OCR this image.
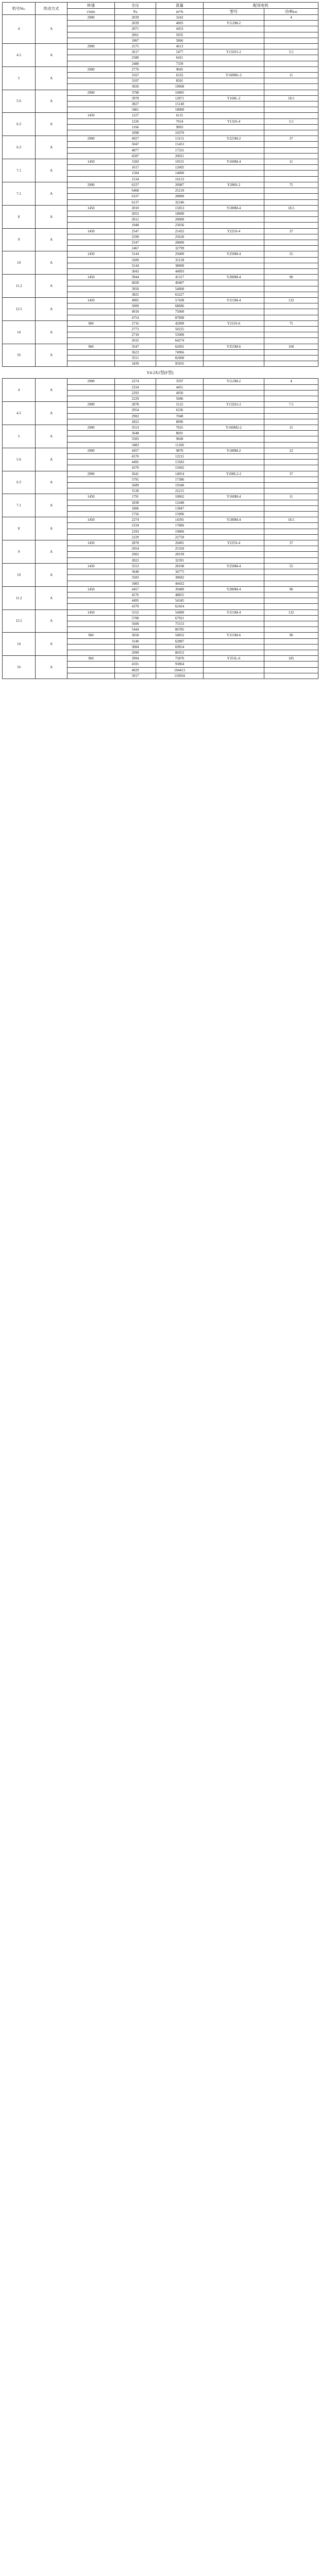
机号No.	传动方式	转速	全压	流量	配用电机	
		r/min	Pa	m³/h	型号	功率kw
4	A	2900	2039	3242		4
			2039	4003	Y112M-2	
			2071	4453		
			2061	5035		
			1867	5866		
4.5	A	2900	2575	4613		
			2617	5477	Y132S1-2	5.5
			2580	6421		
			2480	7339		
5	A	2900	2776	9045		
			3167	6332	Y160M1-2	11
			3107	8501		
			3026	10068		
5.6	A	2900	3798	10005		
			3978	12871	Y160L-2	18.5
			3827	15140		
			3461	18000		
6.3	A	1450	1227	6131		
			1226	7654	Y132S-4	5.5
			1166	9003		
			1098	10370		
6.3	A	2900	4927	13151	Y225M-2	37
			5047	15453		
			4877	17331		
			4587	20021		
7.1	A	1450	1583	10531	Y160M-4	11
			1617	12605		
			1584	14000		
			1534	16123		
7.1	A	2900	6337	20987	Y280S-2	75
			6468	25210		
			6337	28000		
			6137	32246		
8	A	1450	2010	15053	Y180M-4	18.5
			2052	18000		
			2012	20000		
			1948	23036		
9	A	1450	2547	21432	Y225S-4	37
			2599	25630		
			2547	28000		
			2467	32799		
10	A	1450	3144	29400	Y250M-4	55
			3209	35158		
			3144	38000		
			3043	44993		
11.2	A	1450	3944	41317	Y280M-4	90
			4028	49407		
			3950	54000		
			3825	63227		
12.5	A	1450	4905	57438	Y315M-4	132
			5009	68686		
			4910	75000		
			4754	87898		
14	A	960	2716	42000	Y315S-6	75
			2773	50225		
			2718	55000		
			2632	64274		
16	A	960	3547	62691	Y355M-6	160
			3623	74966		
			3551	82000		
			3439	95935		
Y4-2X1型(F型)
4	A	2900	2274	3597	Y112M-2	4
			2334	4451		
			2293	4950		
			2229	5686		
4.5	A	2900	2878	5122	Y132S2-2	7.5
			2954	6336		
			2902	7048		
			2822	8096		
5	A	2900	3553	7025	Y160M2-2	15
			3648	8691		
			3583	9668		
			3483	11106		
5.6	A	2900	4457	9870	Y180M-2	22
			4576	12211		
			4495	13583		
			4370	15602		
6.3	A	2900	5641	14054	Y200L2-2	37
			5791	17386		
			5689	19340		
			5530	22215		
7.1	A	1450	1791	10062	Y160M-4	11
			1838	12448		
			1806	13847		
			1756	15906		
8	A	1450	2274	14391	Y180M-4	18.5
			2334	17806		
			2293	19806		
			2229	22750		
9	A	1450	2878	20491	Y225S-4	37
			2954	25350		
			2902	28199		
			2822	32391		
10	A	1450	3553	28108	Y250M-4	55
			3648	34775		
			3583	38682		
			3483	44432		
11.2	A	1450	4457	39489	Y280M-4	90
			4576	48855		
			4495	54345		
			4370	62424		
12.5	A	1450	5552	54900	Y315M-4	132
			5700	67921		
			5600	75553		
			5444	86785		
14	A	960	3058	50832	Y315M-6	90
			3140	62887		
			3084	69954		
			2999	80353		
16	A	960	3994	75870	Y355L-6	185
			4101	93864		
			4029	104413		
			3917	119934		
